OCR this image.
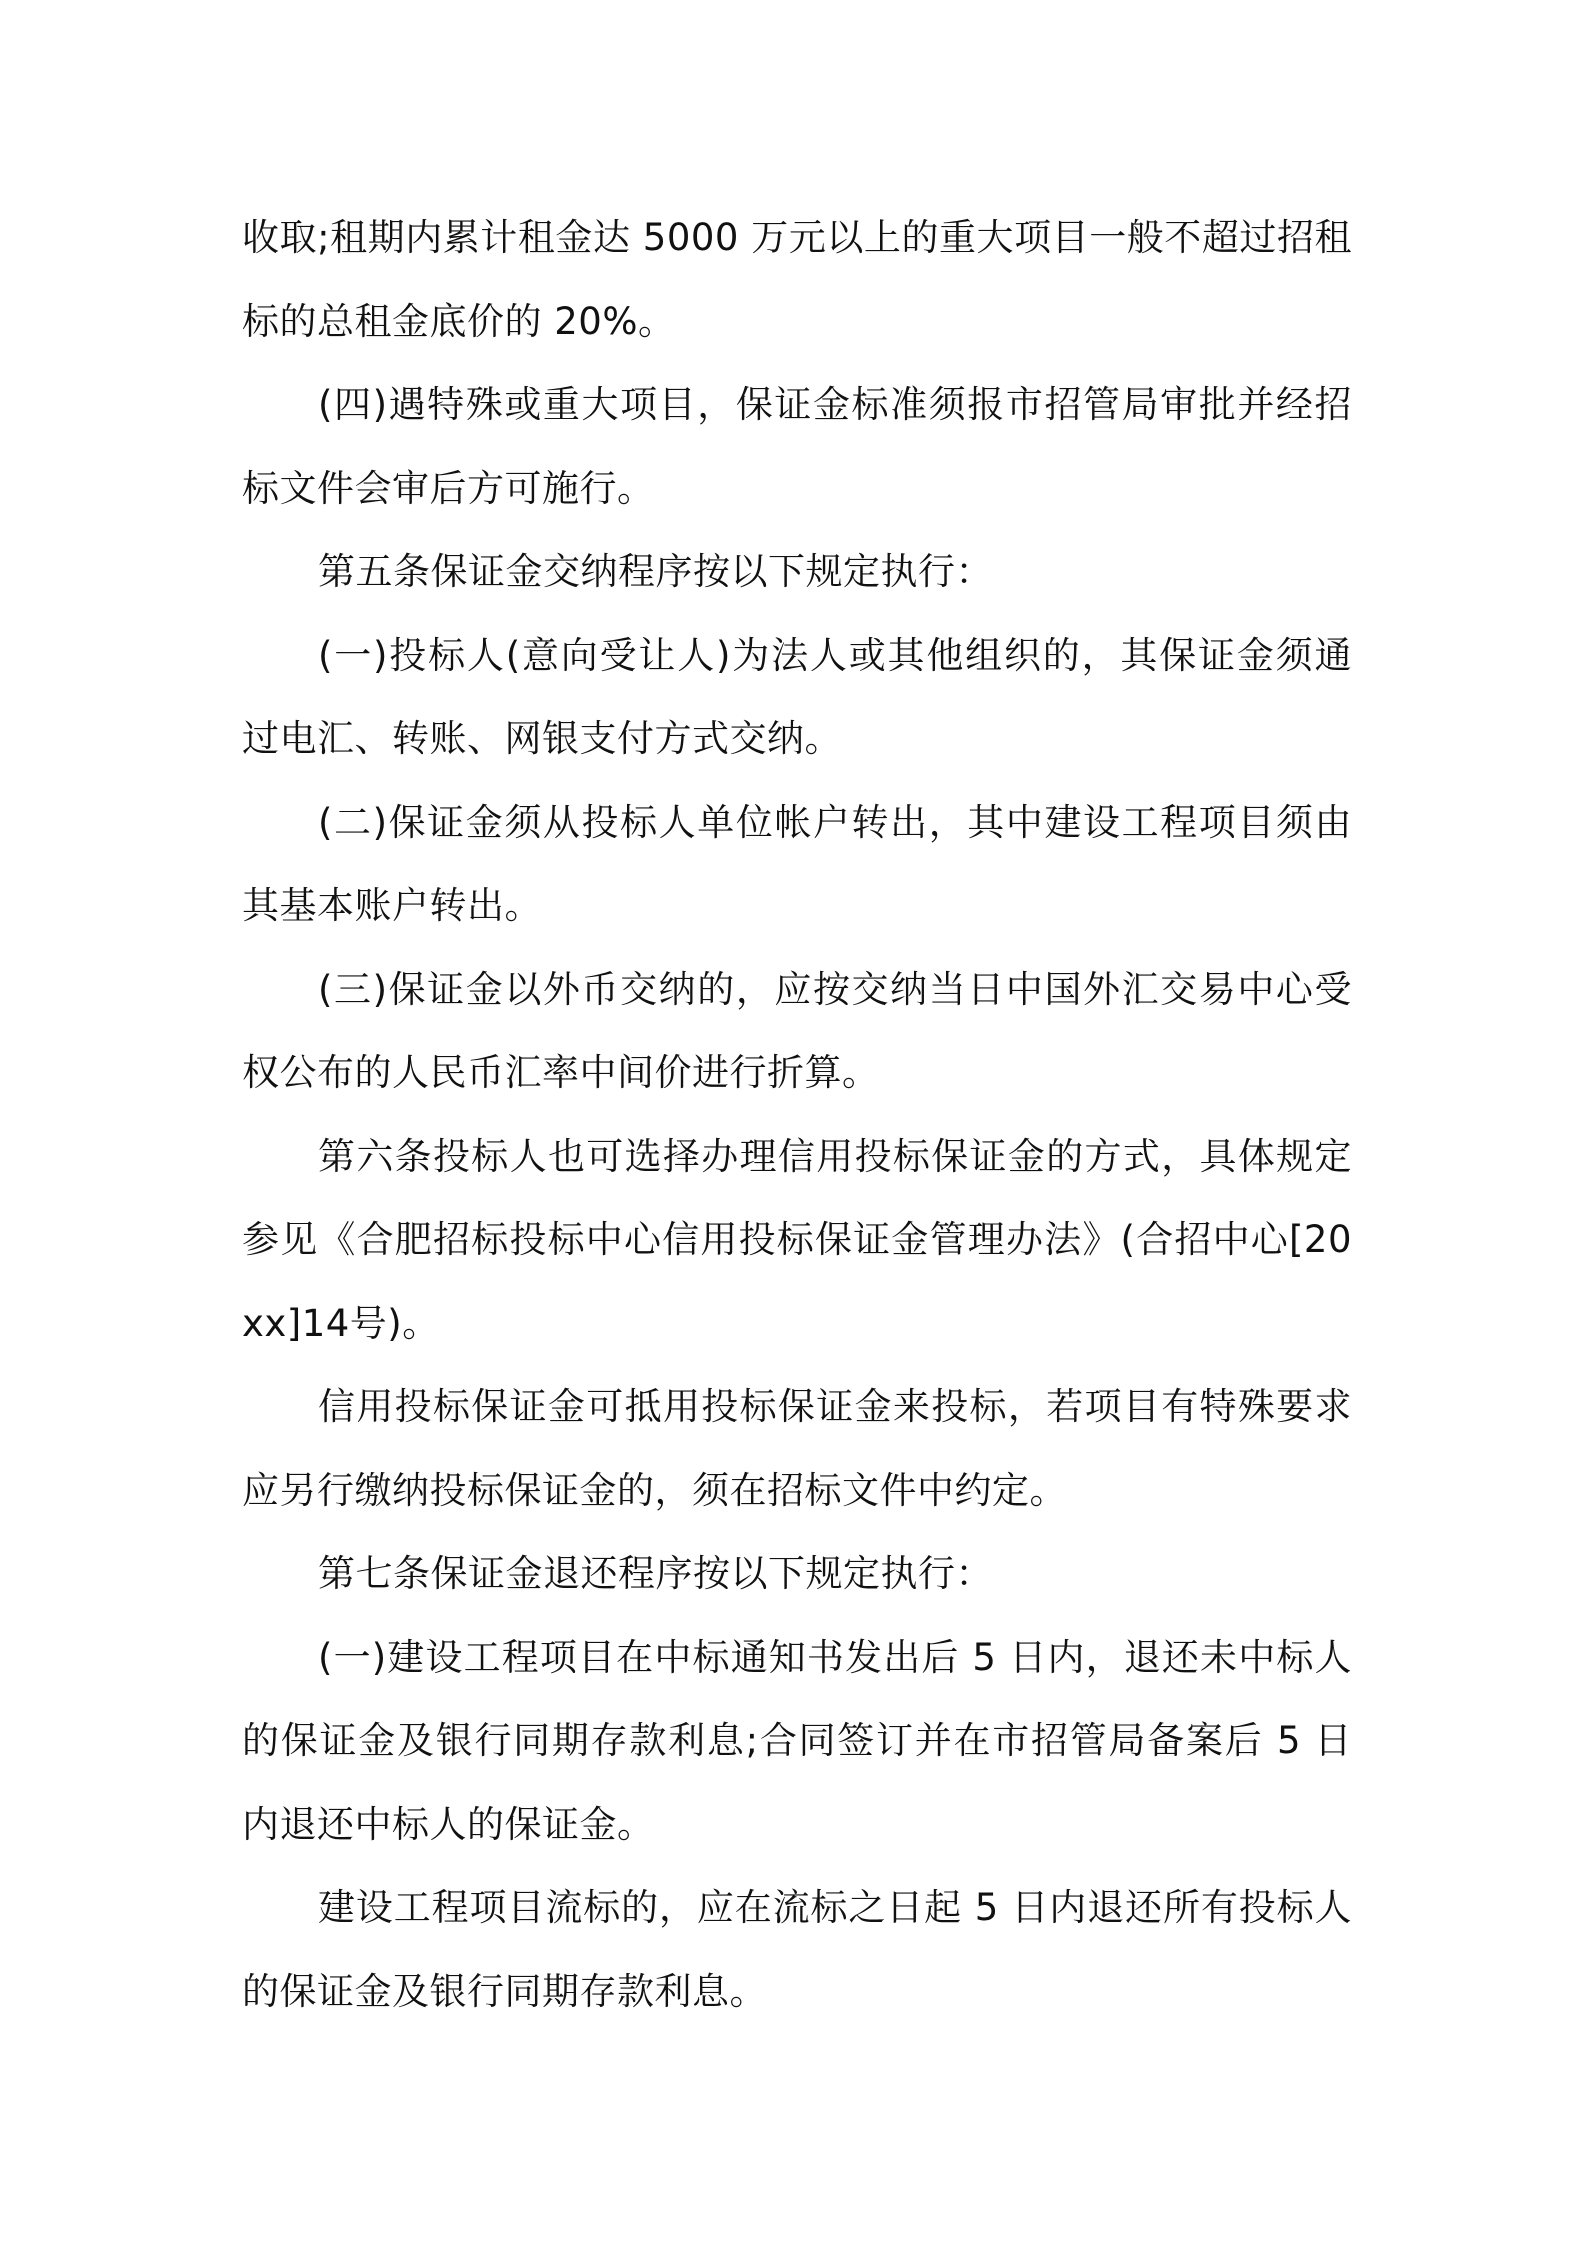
收取;租期内累计租金达 5000 万元以上的重大项目一般不超过招租标的总租金底价的 20%。

(四)遇特殊或重大项目，保证金标准须报市招管局审批并经招标文件会审后方可施行。

第五条保证金交纳程序按以下规定执行：

(一)投标人(意向受让人)为法人或其他组织的，其保证金须通过电汇、转账、网银支付方式交纳。

(二)保证金须从投标人单位帐户转出，其中建设工程项目须由其基本账户转出。

(三)保证金以外币交纳的，应按交纳当日中国外汇交易中心受权公布的人民币汇率中间价进行折算。

第六条投标人也可选择办理信用投标保证金的方式，具体规定参见《合肥招标投标中心信用投标保证金管理办法》(合招中心[20xx]14号)。

信用投标保证金可抵用投标保证金来投标，若项目有特殊要求应另行缴纳投标保证金的，须在招标文件中约定。

第七条保证金退还程序按以下规定执行：

(一)建设工程项目在中标通知书发出后 5 日内，退还未中标人的保证金及银行同期存款利息;合同签订并在市招管局备案后 5 日内退还中标人的保证金。

建设工程项目流标的，应在流标之日起 5 日内退还所有投标人的保证金及银行同期存款利息。
